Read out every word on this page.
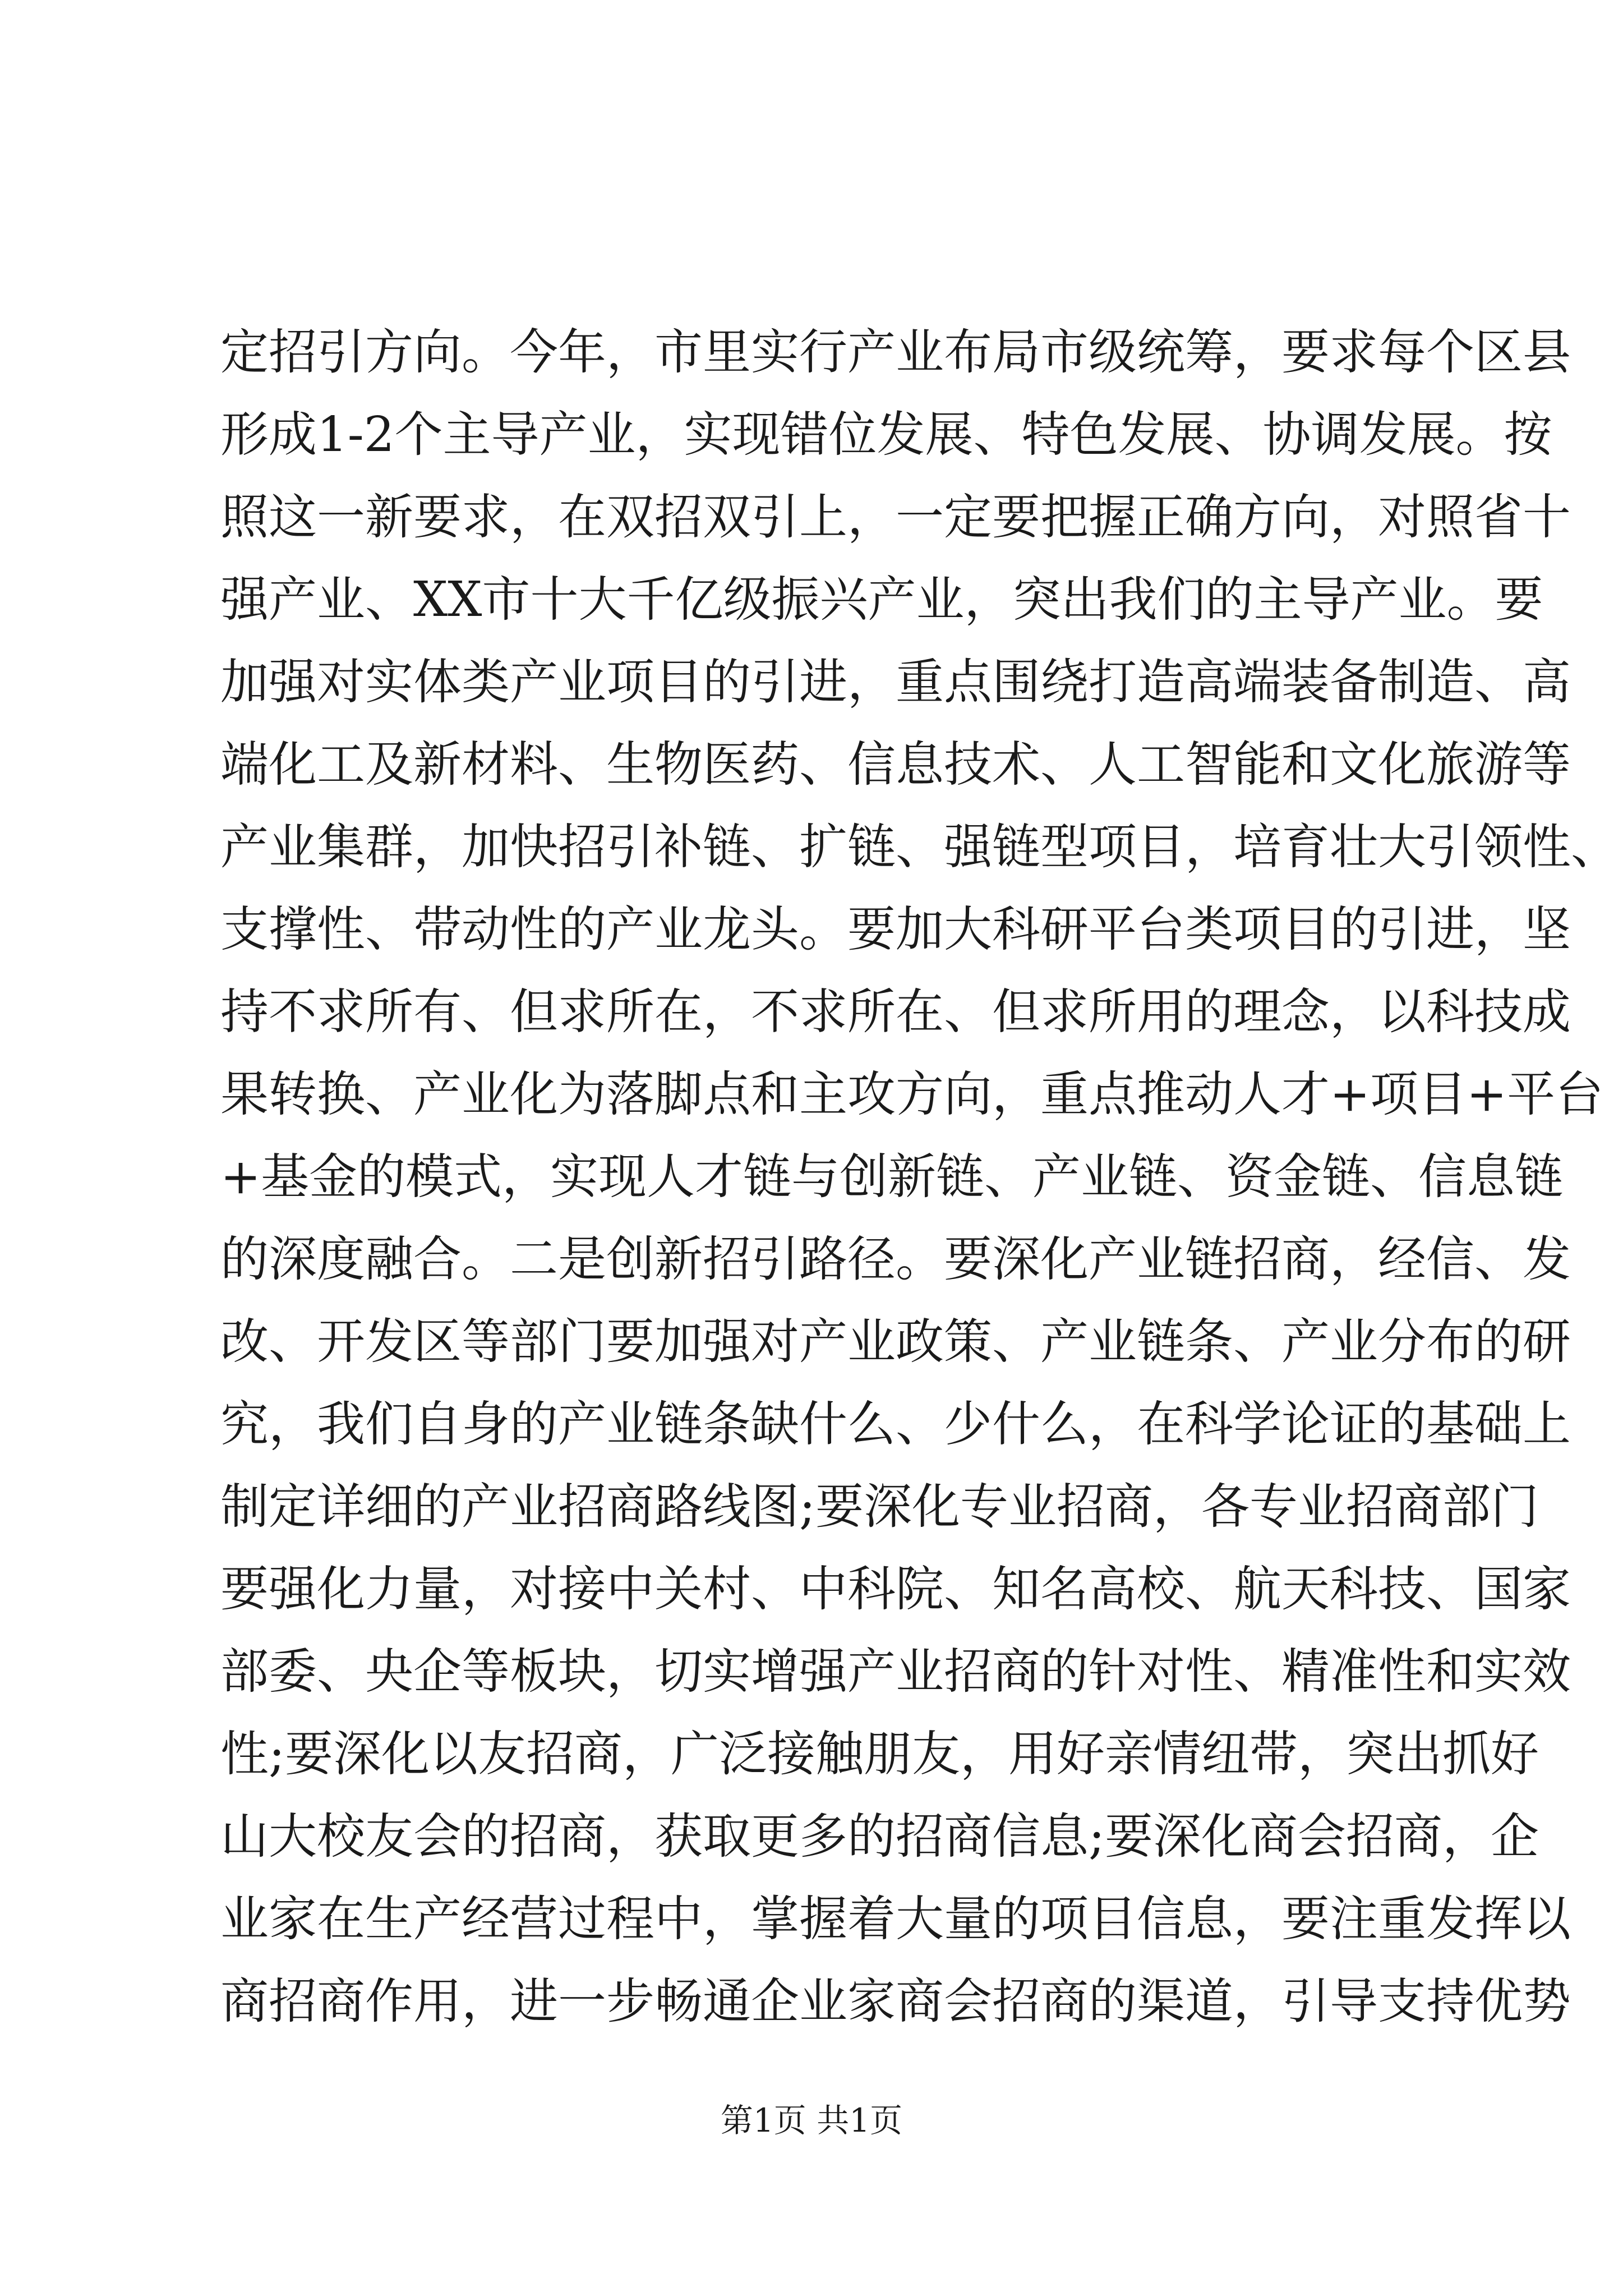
定招引方向。今年，市里实行产业布局市级统筹，要求每个区县
形成1-2个主导产业，实现错位发展、特色发展、协调发展。按
照这一新要求，在双招双引上，一定要把握正确方向，对照省十
强产业、XX市十大千亿级振兴产业，突出我们的主导产业。要
加强对实体类产业项目的引进，重点围绕打造高端装备制造、高
端化工及新材料、生物医药、信息技术、人工智能和文化旅游等
产业集群，加快招引补链、扩链、强链型项目，培育壮大引领性、
支撑性、带动性的产业龙头。要加大科研平台类项目的引进，坚
持不求所有、但求所在，不求所在、但求所用的理念，以科技成
果转换、产业化为落脚点和主攻方向，重点推动人才+项目+平台
+基金的模式，实现人才链与创新链、产业链、资金链、信息链
的深度融合。二是创新招引路径。要深化产业链招商，经信、发
改、开发区等部门要加强对产业政策、产业链条、产业分布的研
究，我们自身的产业链条缺什么、少什么，在科学论证的基础上
制定详细的产业招商路线图;要深化专业招商，各专业招商部门
要强化力量，对接中关村、中科院、知名高校、航天科技、国家
部委、央企等板块，切实增强产业招商的针对性、精准性和实效
性;要深化以友招商，广泛接触朋友，用好亲情纽带，突出抓好
山大校友会的招商，获取更多的招商信息;要深化商会招商，企
业家在生产经营过程中，掌握着大量的项目信息，要注重发挥以
商招商作用，进一步畅通企业家商会招商的渠道，引导支持优势
第1页 共1页
